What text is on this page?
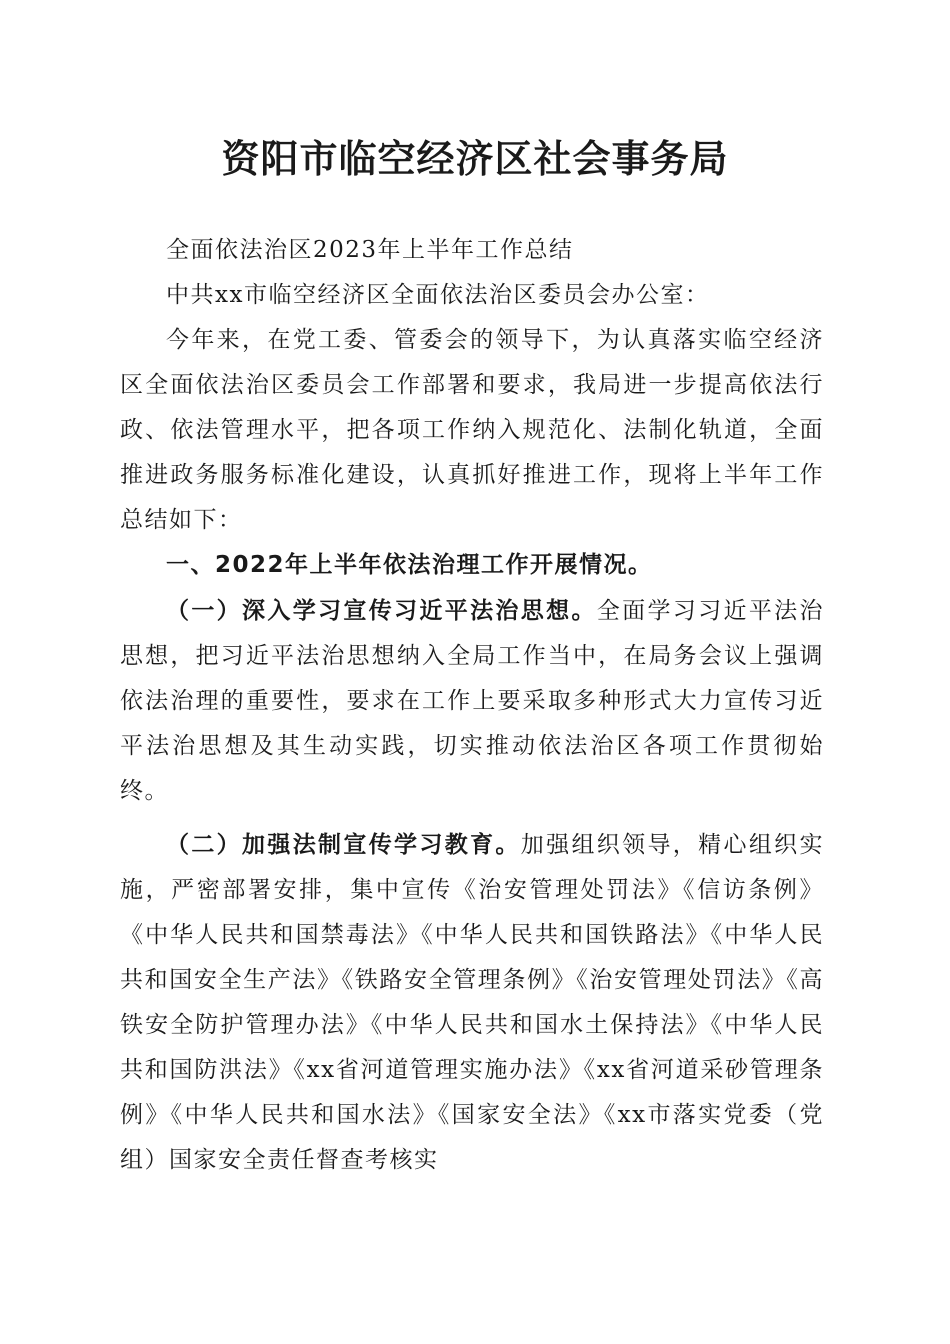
资阳市临空经济区社会事务局

全面依法治区2023年上半年工作总结

中共xx市临空经济区全面依法治区委员会办公室：

今年来，在党工委、管委会的领导下，为认真落实临空经济区全面依法治区委员会工作部署和要求，我局进一步提高依法行政、依法管理水平，把各项工作纳入规范化、法制化轨道，全面推进政务服务标准化建设，认真抓好推进工作，现将上半年工作总结如下：

一、2022年上半年依法治理工作开展情况。

（一）深入学习宣传习近平法治思想。全面学习习近平法治思想，把习近平法治思想纳入全局工作当中，在局务会议上强调依法治理的重要性，要求在工作上要采取多种形式大力宣传习近平法治思想及其生动实践，切实推动依法治区各项工作贯彻始终。

（二）加强法制宣传学习教育。加强组织领导，精心组织实施，严密部署安排，集中宣传《治安管理处罚法》《信访条例》《中华人民共和国禁毒法》《中华人民共和国铁路法》《中华人民共和国安全生产法》《铁路安全管理条例》《治安管理处罚法》《高铁安全防护管理办法》《中华人民共和国水土保持法》《中华人民共和国防洪法》《xx省河道管理实施办法》《xx省河道采砂管理条例》《中华人民共和国水法》《国家安全法》《xx市落实党委（党组）国家安全责任督查考核实
